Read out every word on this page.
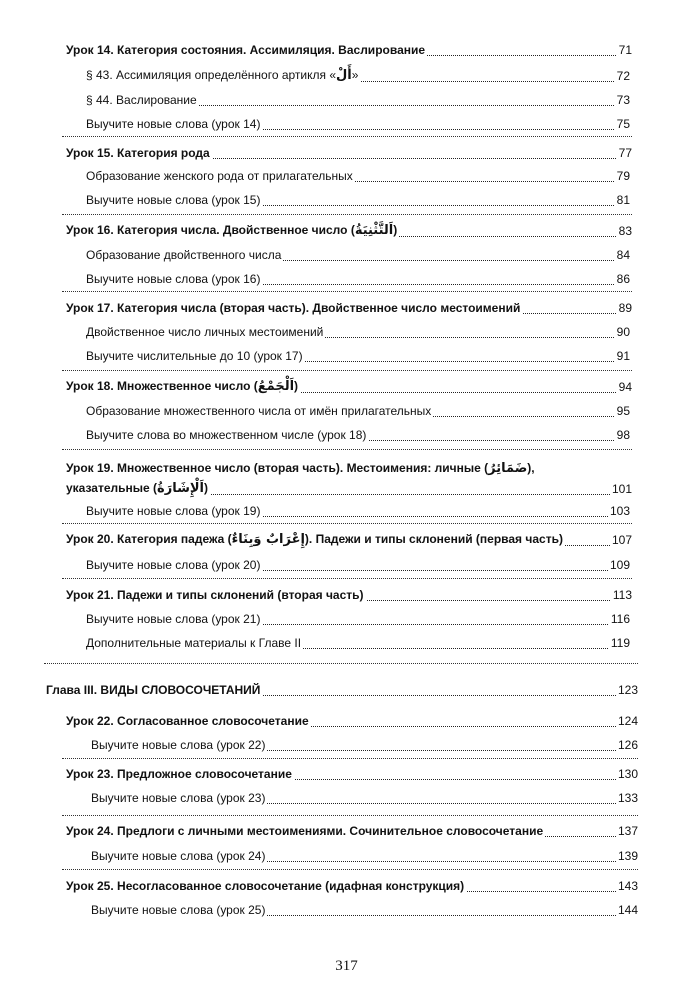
Урок 14. Категория состояния. Ассимиляция. Васлирование	71
§ 43. Ассимиляция определённого артикля «أَلْ»	72
§ 44. Васлирование	73
Выучите новые слова (урок 14)	75
Урок 15. Категория рода	77
Образование женского рода от прилагательных	79
Выучите новые слова (урок 15)	81
Урок 16. Категория числа. Двойственное число (اَلتَّثْنِيَةُ)	83
Образование двойственного числа	84
Выучите новые слова (урок 16)	86
Урок 17. Категория числа (вторая часть). Двойственное число местоимений	89
Двойственное число личных местоимений	90
Выучите числительные до 10 (урок 17)	91
Урок 18. Множественное число (اَلْجَمْعُ)	94
Образование множественного числа от имён прилагательных	95
Выучите слова во множественном числе (урок 18)	98
Урок 19. Множественное число (вторая часть). Местоимения: личные (ضَمَائِرُ),
указательные (اَلْإِشَارَةُ)	101
Выучите новые слова (урок 19)	103
Урок 20. Категория падежа (إِعْرَابٌ وَبِنَاءٌ). Падежи и типы склонений (первая часть)	107
Выучите новые слова (урок 20)	109
Урок 21. Падежи и типы склонений (вторая часть)	113
Выучите новые слова (урок 21)	116
Дополнительные материалы к Главе II	119
Глава III. ВИДЫ СЛОВОСОЧЕТАНИЙ	123
Урок 22. Согласованное словосочетание	124
Выучите новые слова (урок 22)	126
Урок 23. Предложное словосочетание	130
Выучите новые слова (урок 23)	133
Урок 24. Предлоги с личными местоимениями. Сочинительное словосочетание	137
Выучите новые слова (урок 24)	139
Урок 25. Несогласованное словосочетание (идафная конструкция)	143
Выучите новые слова (урок 25)	144
317
